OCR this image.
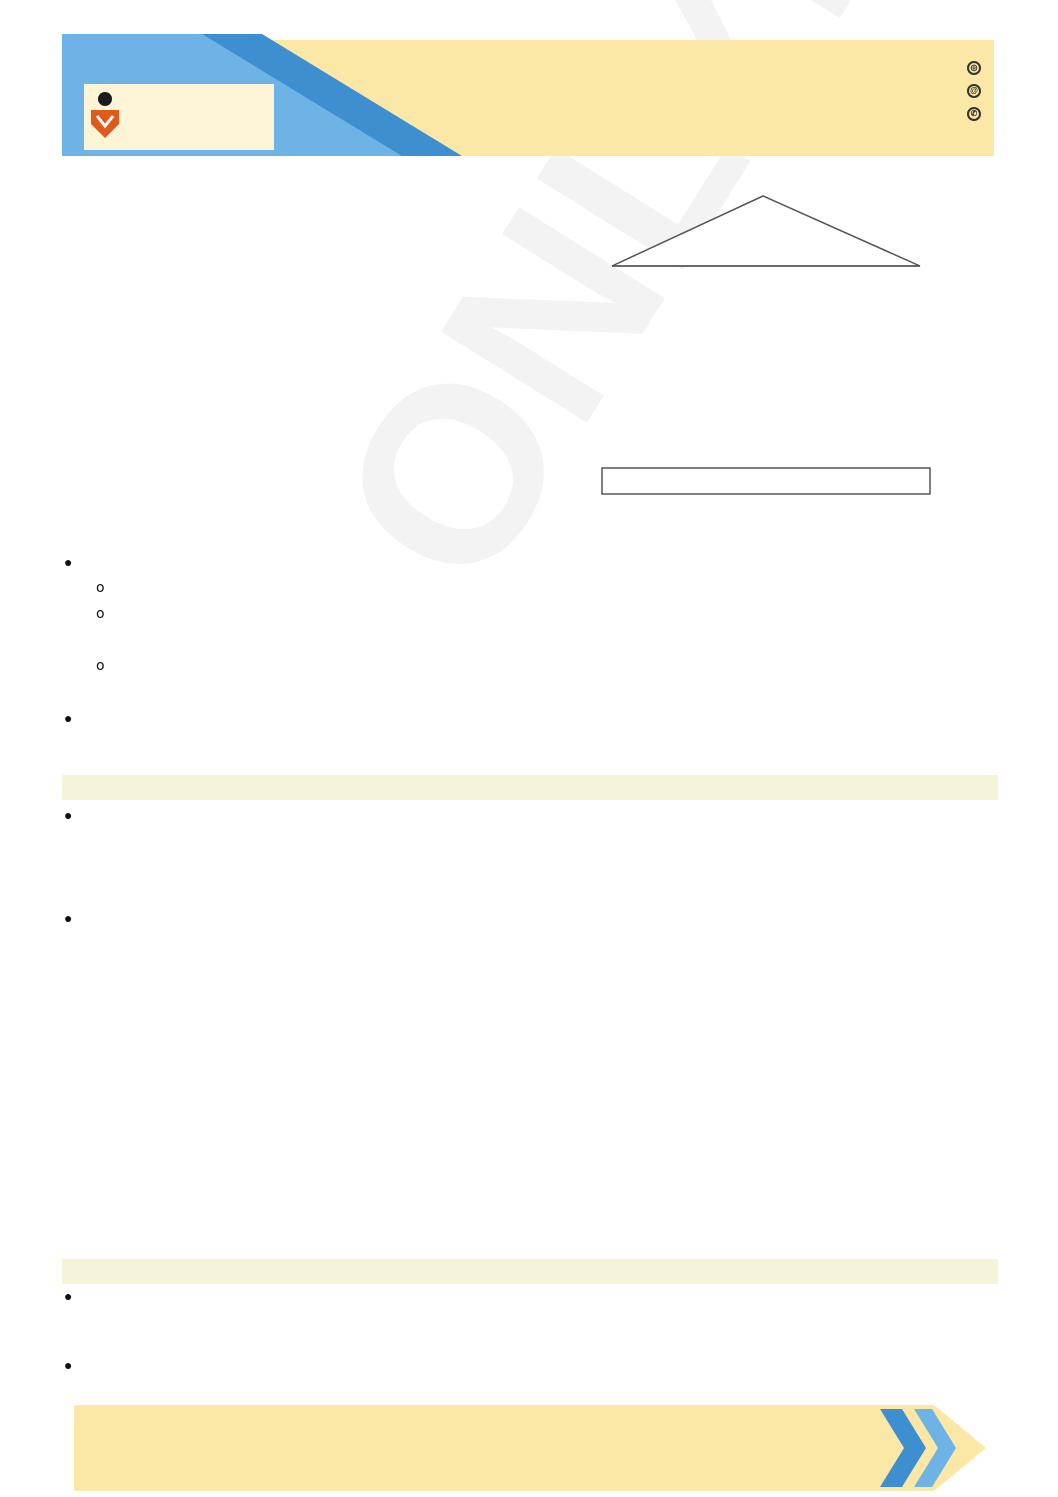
◎
@
✆
●
o
o
o
●
●
●
●
●
